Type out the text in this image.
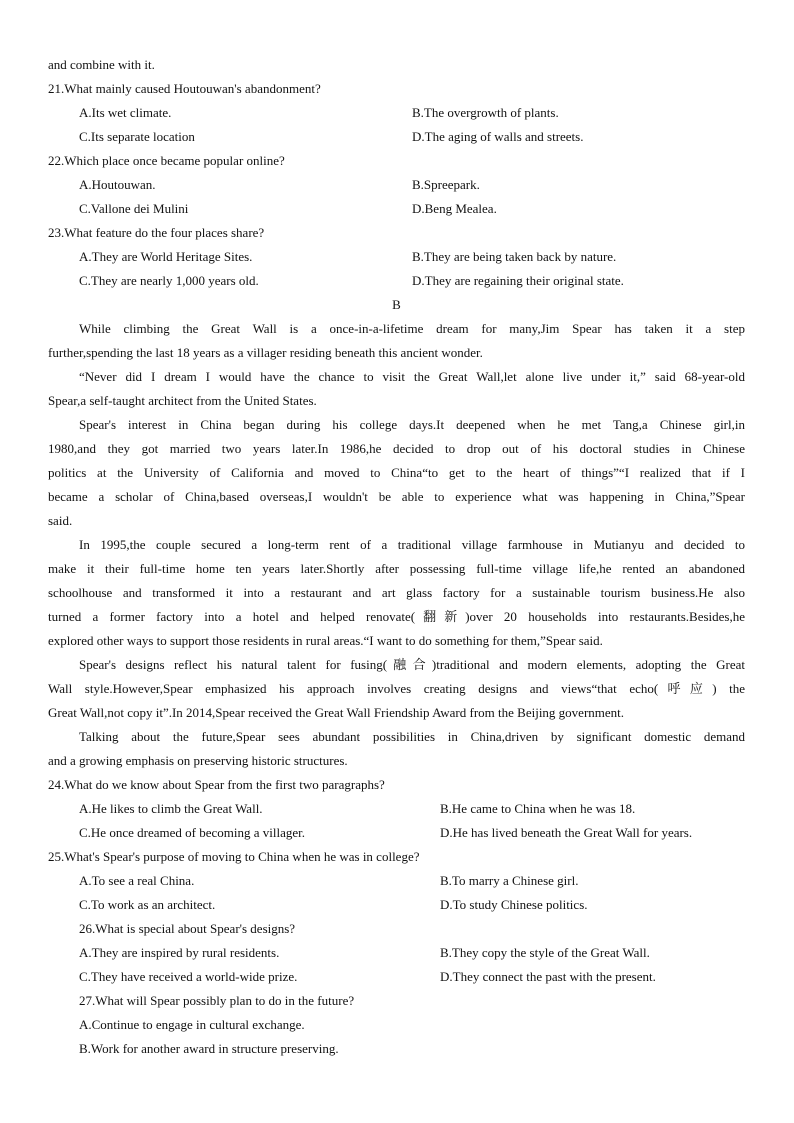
and combine with it.
21.What mainly caused Houtouwan's abandonment?
A.Its wet climate.	B.The overgrowth of plants.
C.Its separate location	D.The aging of walls and streets.
22.Which place once became popular online?
A.Houtouwan.	B.Spreepark.
C.Vallone dei Mulini	D.Beng Mealea.
23.What feature do the four places share?
A.They are World Heritage Sites.	B.They are being taken back by nature.
C.They are nearly 1,000 years old.	D.They are regaining their original state.
B
While climbing the Great Wall is a once-in-a-lifetime dream for many,Jim Spear has taken it a step
further,spending the last 18 years as a villager residing beneath this ancient wonder.
“Never did I dream I would have the chance to visit the Great Wall,let alone live under it,” said 68-year-old
Spear,a self-taught architect from the United States.
Spear's interest in China began during his college days.It deepened when he met Tang,a Chinese girl,in
1980,and they got married two years later.In 1986,he decided to drop out of his doctoral studies in Chinese
politics at the University of California and moved to China“to get to the heart of things”“I realized that if I
became a scholar of China,based overseas,I wouldn't be able to experience what was happening in China,”Spear
said.
In 1995,the couple secured a long-term rent of a traditional village farmhouse in Mutianyu and decided to
make it their full-time home ten years later.Shortly after possessing full-time village life,he rented an abandoned
schoolhouse and transformed it into a restaurant and art glass factory for a sustainable tourism business.He also
turned a former factory into a hotel and helped renovate(翻新)over 20 households into restaurants.Besides,he
explored other ways to support those residents in rural areas.“I want to do something for them,”Spear said.
Spear's designs reflect his natural talent for fusing(融合)traditional and modern elements, adopting the Great
Wall style.However,Spear emphasized his approach involves creating designs and views“that echo(呼应) the
Great Wall,not copy it”.In 2014,Spear received the Great Wall Friendship Award from the Beijing government.
Talking about the future,Spear sees abundant possibilities in China,driven by significant domestic demand
and a growing emphasis on preserving historic structures.
24.What do we know about Spear from the first two paragraphs?
A.He likes to climb the Great Wall.	B.He came to China when he was 18.
C.He once dreamed of becoming a villager.	D.He has lived beneath the Great Wall for years.
25.What's Spear's purpose of moving to China when he was in college?
A.To see a real China.	B.To marry a Chinese girl.
C.To work as an architect.	D.To study Chinese politics.
26.What is special about Spear's designs?
A.They are inspired by rural residents.	B.They copy the style of the Great Wall.
C.They have received a world-wide prize.	D.They connect the past with the present.
27.What will Spear possibly plan to do in the future?
A.Continue to engage in cultural exchange.
B.Work for another award in structure preserving.
